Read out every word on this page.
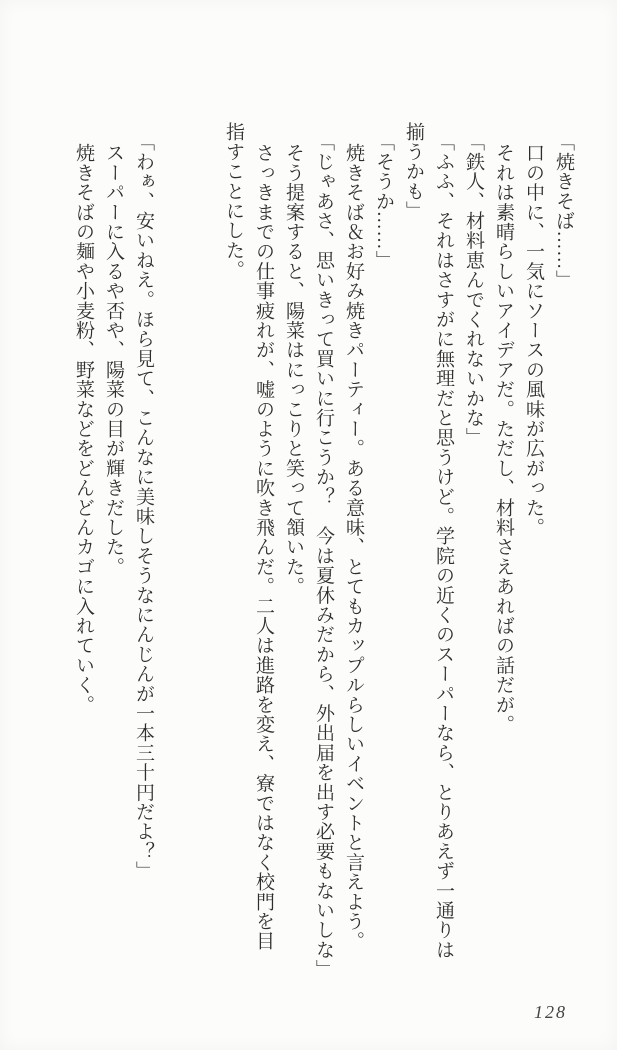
「焼きそば……」
口の中に、一気にソースの風味が広がった。
それは素晴らしいアイデアだ。ただし、材料さえあればの話だが。
「鉄人、材料恵んでくれないかな」
「ふふ、それはさすがに無理だと思うけど。学院の近くのスーパーなら、とりあえず一通りは
揃うかも」
「そうか……」
焼きそば＆お好み焼きパーティー。ある意味、とてもカップルらしいイベントと言えよう。
「じゃあさ、思いきって買いに行こうか？　今は夏休みだから、外出届を出す必要もないしな」
そう提案すると、陽菜はにっこりと笑って頷いた。
さっきまでの仕事疲れが、嘘のように吹き飛んだ。二人は進路を変え、寮ではなく校門を目
指すことにした。
「わぁ、安いねえ。ほら見て、こんなに美味しそうなにんじんが一本三十円だよ？」
スーパーに入るや否や、陽菜の目が輝きだした。
焼きそばの麺や小麦粉、野菜などをどんどんカゴに入れていく。
128
